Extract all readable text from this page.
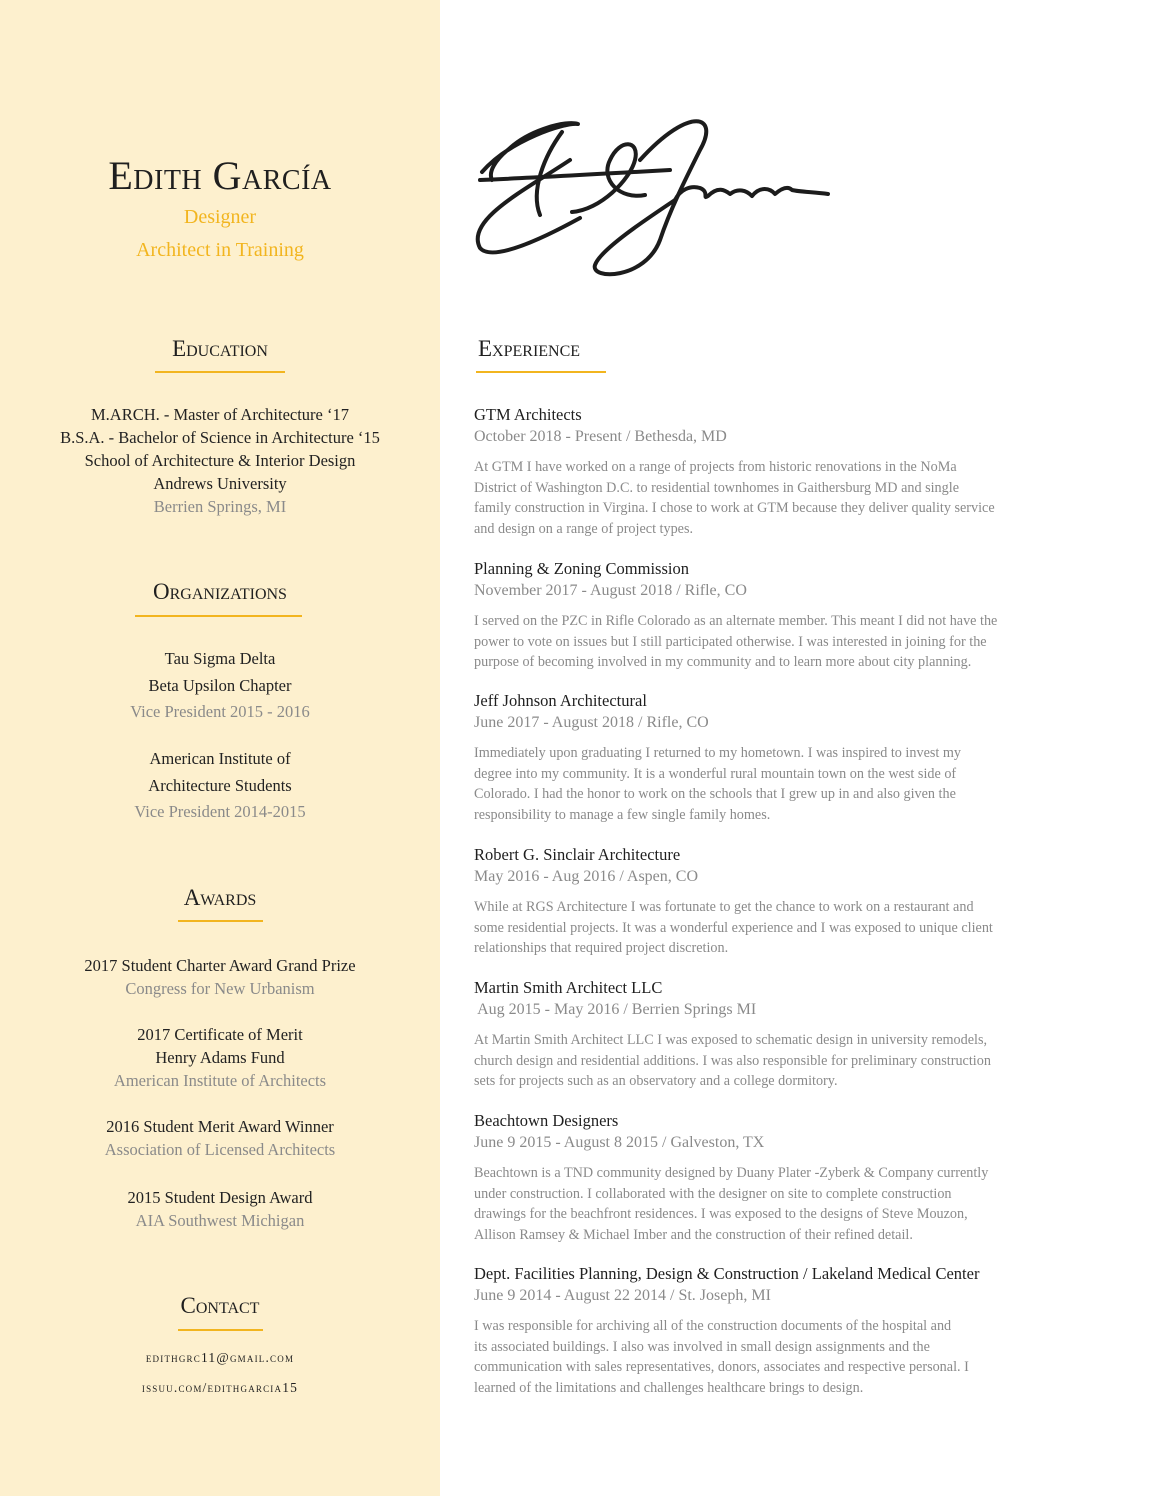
Edith García
Designer
Architect in Training
Education
M.ARCH. - Master of Architecture ‘17
B.S.A. - Bachelor of Science in Architecture ‘15
School of Architecture & Interior Design
Andrews University
Berrien Springs, MI
Organizations
Tau Sigma Delta
Beta Upsilon Chapter
Vice President 2015 - 2016
American Institute of
Architecture Students
Vice President 2014-2015
Awards
2017 Student Charter Award Grand Prize
Congress for New Urbanism
2017 Certificate of Merit
Henry Adams Fund
American Institute of Architects
2016 Student Merit Award Winner
Association of Licensed Architects
2015 Student Design Award
AIA Southwest Michigan
Contact
edithgrc11@gmail.com
issuu.com/edithgarcia15
Experience
GTM Architects
October 2018 - Present / Bethesda, MD
At GTM I have worked on a range of projects from historic renovations in the NoMa
District of Washington D.C. to residential townhomes in Gaithersburg MD and single
family construction in Virgina. I chose to work at GTM because they deliver quality service
and design on a range of project types.
Planning & Zoning Commission
November 2017 - August 2018 / Rifle, CO
I served on the PZC in Rifle Colorado as an alternate member. This meant I did not have the
power to vote on issues but I still participated otherwise. I was interested in joining for the
purpose of becoming involved in my community and to learn more about city planning.
Jeff Johnson Architectural
June 2017 - August 2018 / Rifle, CO
Immediately upon graduating I returned to my hometown. I was inspired to invest my
degree into my community. It is a wonderful rural mountain town on the west side of
Colorado. I had the honor to work on the schools that I grew up in and also given the
responsibility to manage a few single family homes.
Robert G. Sinclair Architecture
May 2016 - Aug 2016 / Aspen, CO
While at RGS Architecture I was fortunate to get the chance to work on a restaurant and
some residential projects. It was a wonderful experience and I was exposed to unique client
relationships that required project discretion.
Martin Smith Architect LLC
Aug 2015 - May 2016 / Berrien Springs MI
At Martin Smith Architect LLC I was exposed to schematic design in university remodels,
church design and residential additions. I was also responsible for preliminary construction
sets for projects such as an observatory and a college dormitory.
Beachtown Designers
June 9 2015 - August 8 2015 / Galveston, TX
Beachtown is a TND community designed by Duany Plater -Zyberk & Company currently
under construction. I collaborated with the designer on site to complete construction
drawings for the beachfront residences. I was exposed to the designs of Steve Mouzon,
Allison Ramsey & Michael Imber and the construction of their refined detail.
Dept. Facilities Planning, Design & Construction / Lakeland Medical Center
June 9 2014 - August 22 2014 / St. Joseph, MI
I was responsible for archiving all of the construction documents of the hospital and
its associated buildings. I also was involved in small design assignments and the
communication with sales representatives, donors, associates and respective personal. I
learned of the limitations and challenges healthcare brings to design.
